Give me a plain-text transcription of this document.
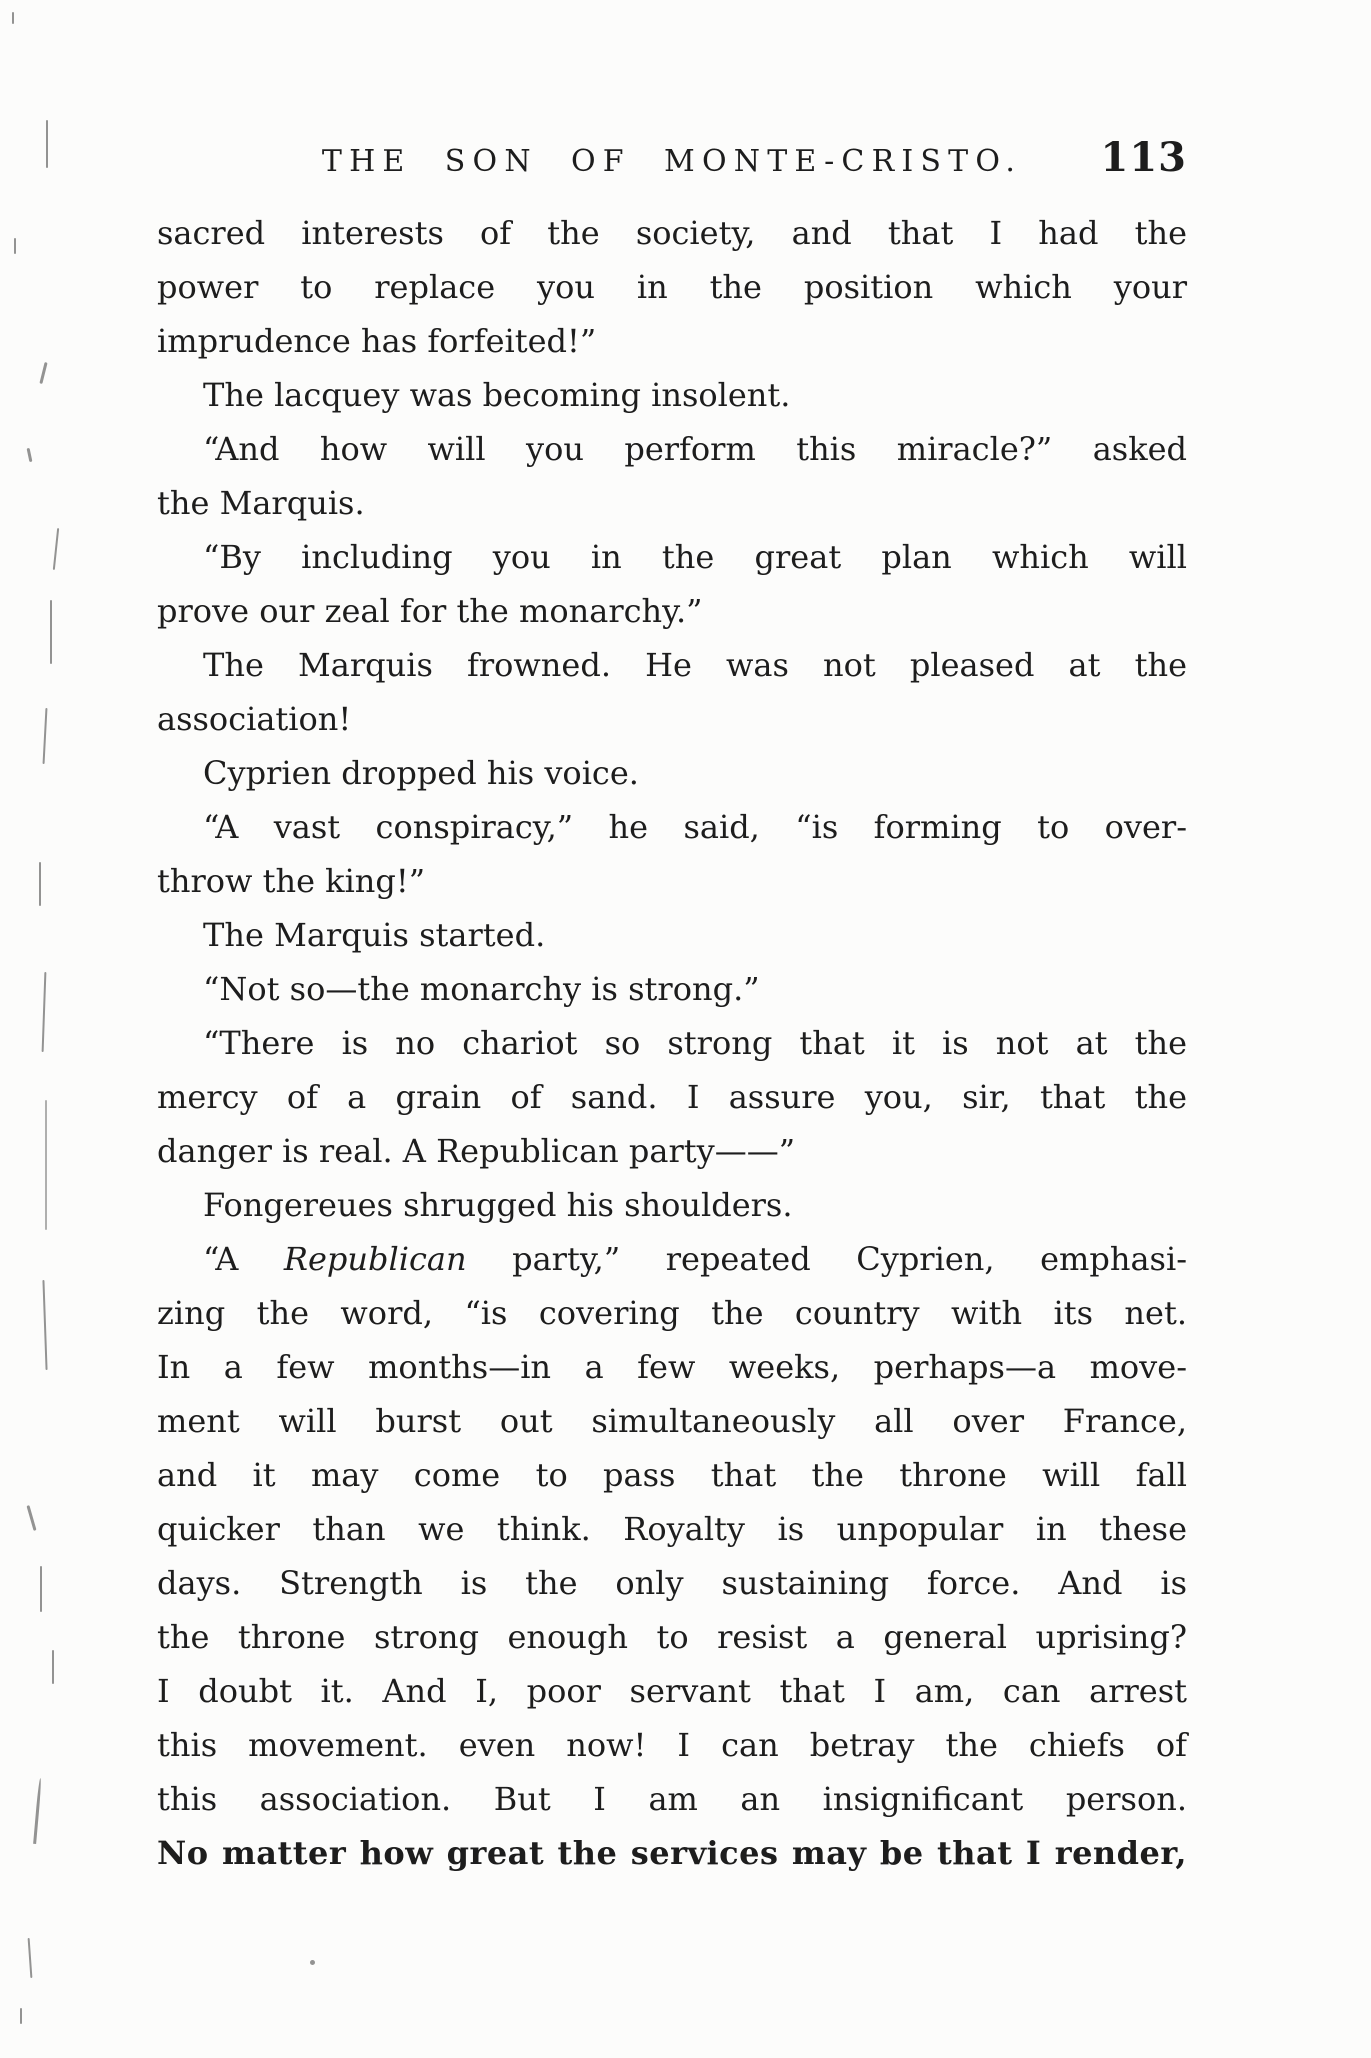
THE SON OF MONTE-CRISTO.	113

sacred interests of the society, and that I had the
power to replace you in the position which your
imprudence has forfeited!”

The lacquey was becoming insolent.

“And how will you perform this miracle?” asked
the Marquis.

“By including you in the great plan which will
prove our zeal for the monarchy.”

The Marquis frowned. He was not pleased at the
association!

Cyprien dropped his voice.

“A vast conspiracy,” he said, “is forming to over-
throw the king!”

The Marquis started.

“Not so—the monarchy is strong.”

“There is no chariot so strong that it is not at the
mercy of a grain of sand. I assure you, sir, that the
danger is real. A Republican party——”

Fongereues shrugged his shoulders.

“A Republican party,” repeated Cyprien, emphasi-
zing the word, “is covering the country with its net.
In a few months—in a few weeks, perhaps—a move-
ment will burst out simultaneously all over France,
and it may come to pass that the throne will fall
quicker than we think. Royalty is unpopular in these
days. Strength is the only sustaining force. And is
the throne strong enough to resist a general uprising?
I doubt it. And I, poor servant that I am, can arrest
this movement. even now! I can betray the chiefs of
this association. But I am an insignificant person.
No matter how great the services may be that I render,
